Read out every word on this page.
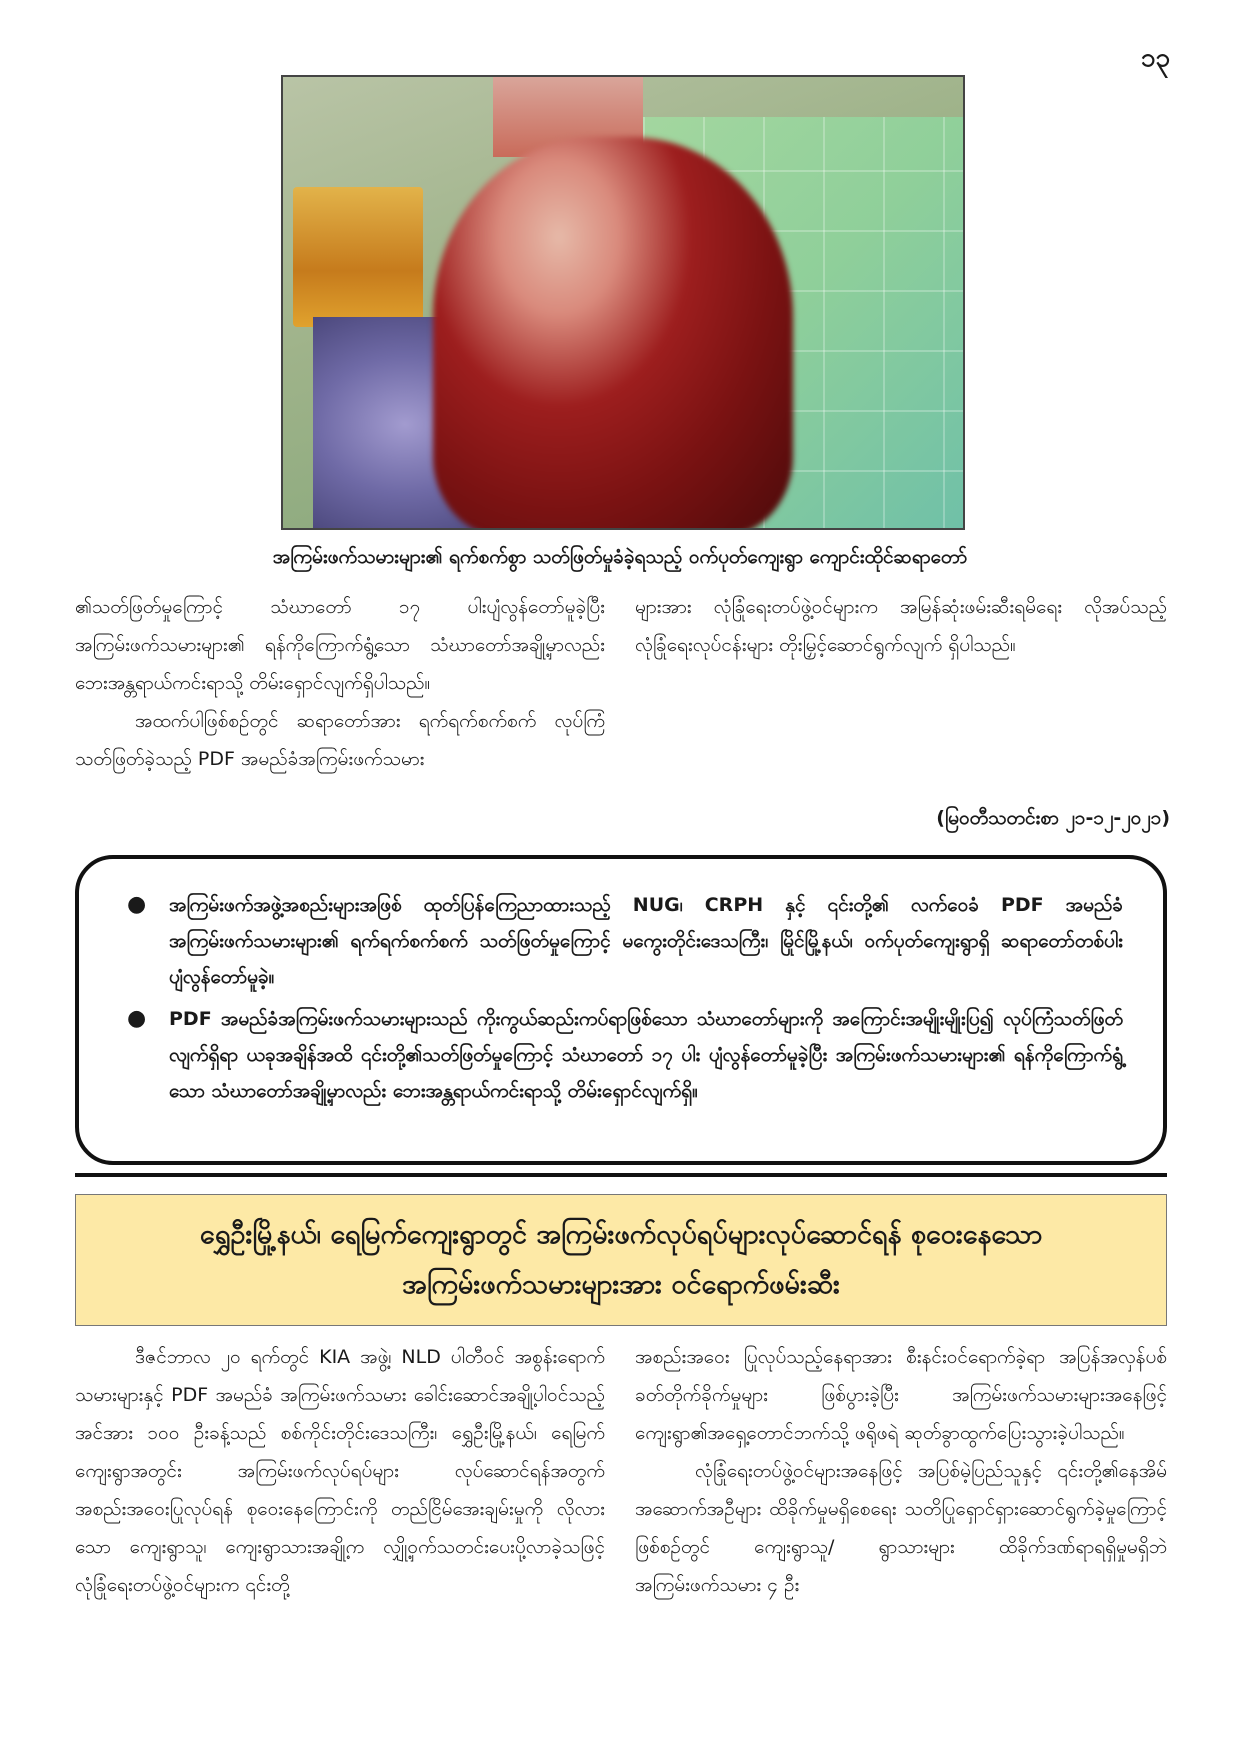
၁၃
အကြမ်းဖက်သမားများ၏ ရက်စက်စွာ သတ်ဖြတ်မှုခံခဲ့ရသည့် ဝက်ပုတ်ကျေးရွာ ကျောင်းထိုင်ဆရာတော်

၏သတ်ဖြတ်မှုကြောင့် သံဃာတော် ၁၇ ပါးပျံလွန်တော်မူခဲ့ပြီး အကြမ်းဖက်သမားများ၏ ရန်ကိုကြောက်ရွံ့သော သံဃာတော်အချို့မှာလည်း ဘေးအန္တရာယ်ကင်းရာသို့ တိမ်းရှောင်လျက်ရှိပါသည်။

အထက်ပါဖြစ်စဉ်တွင် ဆရာတော်အား ရက်ရက်စက်စက် လုပ်ကြံသတ်ဖြတ်ခဲ့သည့် PDF အမည်ခံအကြမ်းဖက်သမား

များအား လုံခြုံရေးတပ်ဖွဲ့ဝင်များက အမြန်ဆုံးဖမ်းဆီးရမိရေး လိုအပ်သည့် လုံခြုံရေးလုပ်ငန်းများ တိုးမြှင့်ဆောင်ရွက်လျက် ရှိပါသည်။

(မြဝတီသတင်းစာ ၂၁-၁၂-၂၀၂၁)
● အကြမ်းဖက်အဖွဲ့အစည်းများအဖြစ် ထုတ်ပြန်ကြေညာထားသည့် NUG၊ CRPH နှင့် ၎င်းတို့၏ လက်ဝေခံ PDF အမည်ခံ အကြမ်းဖက်သမားများ၏ ရက်ရက်စက်စက် သတ်ဖြတ်မှုကြောင့် မကွေးတိုင်းဒေသကြီး၊ မြိုင်မြို့နယ်၊ ဝက်ပုတ်ကျေးရွာရှိ ဆရာတော်တစ်ပါး ပျံလွန်တော်မူခဲ့။
● PDF အမည်ခံအကြမ်းဖက်သမားများသည် ကိုးကွယ်ဆည်းကပ်ရာဖြစ်သော သံဃာတော်များကို အကြောင်းအမျိုးမျိုးပြ၍ လုပ်ကြံသတ်ဖြတ်လျက်ရှိရာ ယခုအချိန်အထိ ၎င်းတို့၏သတ်ဖြတ်မှုကြောင့် သံဃာတော် ၁၇ ပါး ပျံလွန်တော်မူခဲ့ပြီး အကြမ်းဖက်သမားများ၏ ရန်ကိုကြောက်ရွံ့သော သံဃာတော်အချို့မှာလည်း ဘေးအန္တရာယ်ကင်းရာသို့ တိမ်းရှောင်လျက်ရှိ။
ရွှေဦးမြို့နယ်၊ ရေမြက်ကျေးရွာတွင် အကြမ်းဖက်လုပ်ရပ်များလုပ်ဆောင်ရန် စုဝေးနေသော
အကြမ်းဖက်သမားများအား ဝင်ရောက်ဖမ်းဆီး

ဒီဇင်ဘာလ ၂၀ ရက်တွင် KIA အဖွဲ့၊ NLD ပါတီဝင် အစွန်းရောက်သမားများနှင့် PDF အမည်ခံ အကြမ်းဖက်သမား ခေါင်းဆောင်အချို့ပါဝင်သည့် အင်အား ၁၀၀ ဦးခန့်သည် စစ်ကိုင်းတိုင်းဒေသကြီး၊ ရွှေဦးမြို့နယ်၊ ရေမြက်ကျေးရွာအတွင်း အကြမ်းဖက်လုပ်ရပ်များ လုပ်ဆောင်ရန်အတွက် အစည်းအဝေးပြုလုပ်ရန် စုဝေးနေကြောင်းကို တည်ငြိမ်အေးချမ်းမှုကို လိုလားသော ကျေးရွာသူ၊ ကျေးရွာသားအချို့က လျှို့ဝှက်သတင်းပေးပို့လာခဲ့သဖြင့် လုံခြုံရေးတပ်ဖွဲ့ဝင်များက ၎င်းတို့

အစည်းအဝေး ပြုလုပ်သည့်နေရာအား စီးနင်းဝင်ရောက်ခဲ့ရာ အပြန်အလှန်ပစ်ခတ်တိုက်ခိုက်မှုများ ဖြစ်ပွားခဲ့ပြီး အကြမ်းဖက်သမားများအနေဖြင့် ကျေးရွာ၏အရှေ့တောင်ဘက်သို့ ဖရိုဖရဲ ဆုတ်ခွာထွက်ပြေးသွားခဲ့ပါသည်။

လုံခြုံရေးတပ်ဖွဲ့ဝင်များအနေဖြင့် အပြစ်မဲ့ပြည်သူနှင့် ၎င်းတို့၏နေအိမ်အဆောက်အဦများ ထိခိုက်မှုမရှိစေရေး သတိပြုရှောင်ရှားဆောင်ရွက်ခဲ့မှုကြောင့် ဖြစ်စဉ်တွင် ကျေးရွာသူ/ ရွာသားများ ထိခိုက်ဒဏ်ရာရရှိမှုမရှိဘဲ အကြမ်းဖက်သမား ၄ ဦး
